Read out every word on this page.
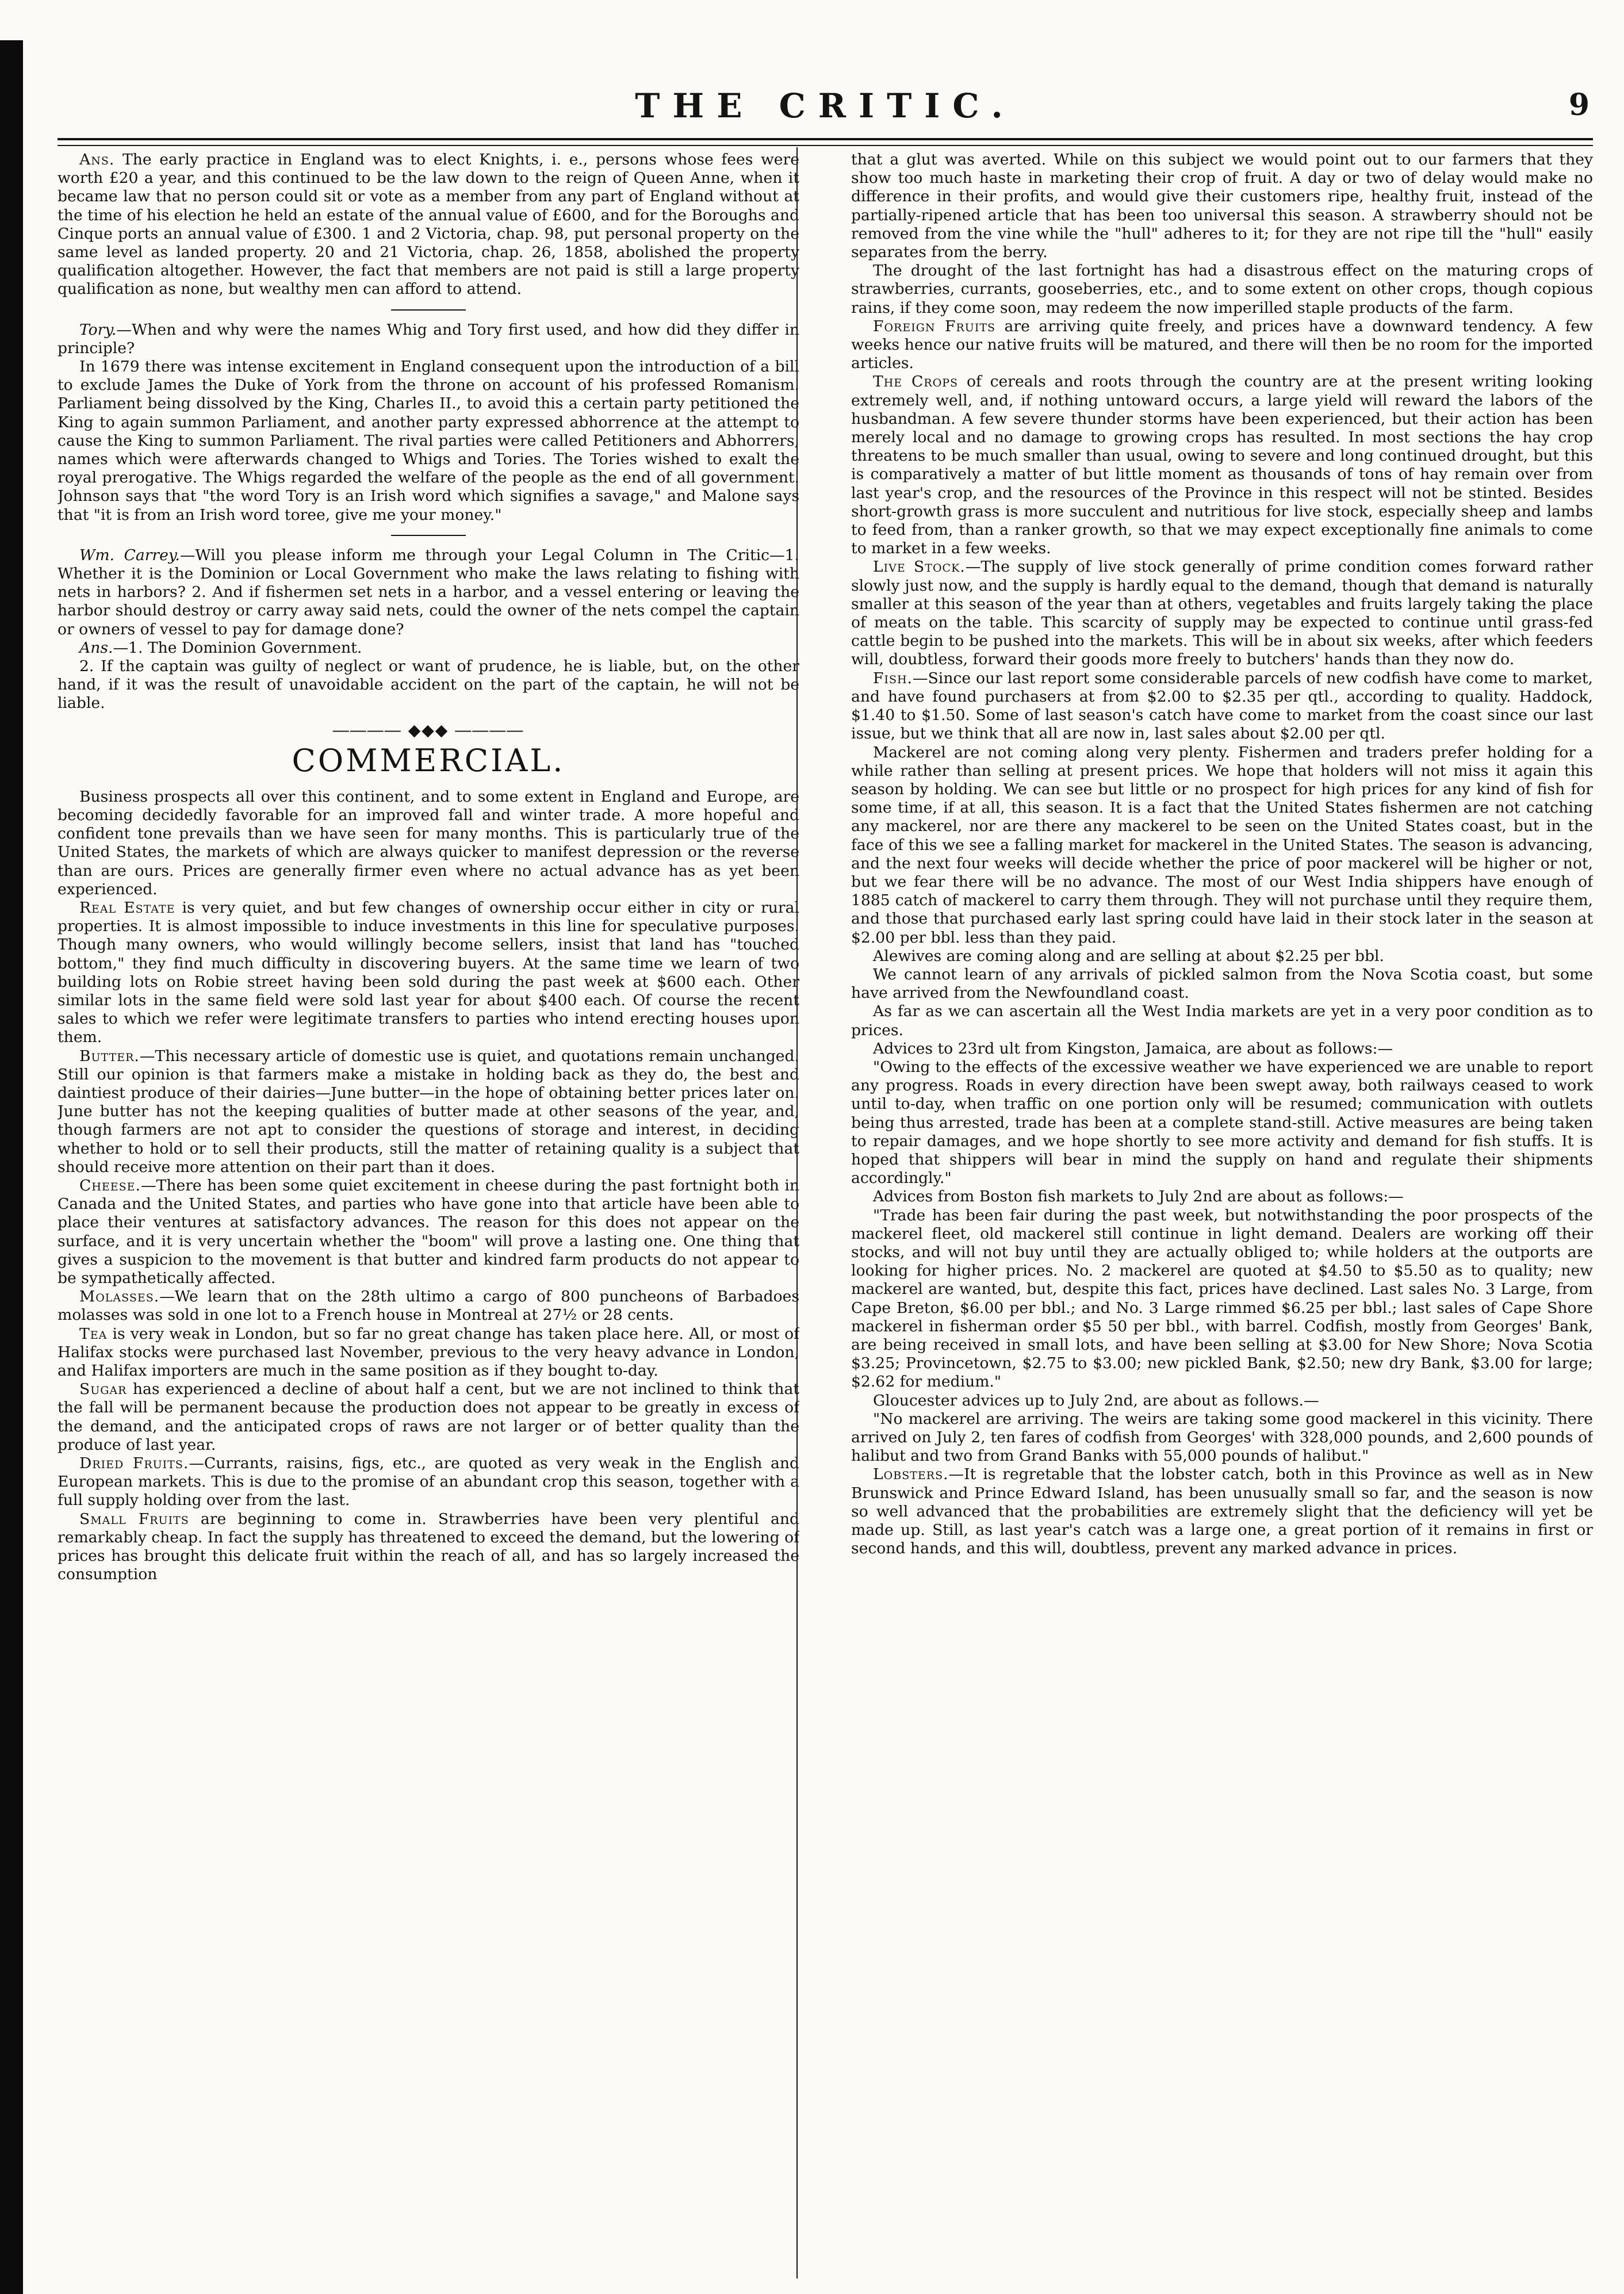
THE CRITIC.	9

Ans. The early practice in England was to elect Knights, i. e., persons whose fees were worth £20 a year, and this continued to be the law down to the reign of Queen Anne, when it became law that no person could sit or vote as a member from any part of England without at the time of his election he held an estate of the annual value of £600, and for the Boroughs and Cinque ports an annual value of £300. 1 and 2 Victoria, chap. 98, put personal property on the same level as landed property. 20 and 21 Victoria, chap. 26, 1858, abolished the property qualification altogether. However, the fact that members are not paid is still a large property qualification as none, but wealthy men can afford to attend.

Tory.—When and why were the names Whig and Tory first used, and how did they differ in principle?

In 1679 there was intense excitement in England consequent upon the introduction of a bill to exclude James the Duke of York from the throne on account of his professed Romanism. Parliament being dissolved by the King, Charles II., to avoid this a certain party petitioned the King to again summon Parliament, and another party expressed abhorrence at the attempt to cause the King to summon Parliament. The rival parties were called Petitioners and Abhorrers, names which were afterwards changed to Whigs and Tories. The Tories wished to exalt the royal prerogative. The Whigs regarded the welfare of the people as the end of all government. Johnson says that "the word Tory is an Irish word which signifies a savage," and Malone says that "it is from an Irish word toree, give me your money."

Wm. Carrey.—Will you please inform me through your Legal Column in The Critic—1. Whether it is the Dominion or Local Government who make the laws relating to fishing with nets in harbors? 2. And if fishermen set nets in a harbor, and a vessel entering or leaving the harbor should destroy or carry away said nets, could the owner of the nets compel the captain or owners of vessel to pay for damage done?

Ans.—1. The Dominion Government.

2. If the captain was guilty of neglect or want of prudence, he is liable, but, on the other hand, if it was the result of unavoidable accident on the part of the captain, he will not be liable.

―――― ◆◆◆ ――――
COMMERCIAL.

Business prospects all over this continent, and to some extent in England and Europe, are becoming decidedly favorable for an improved fall and winter trade. A more hopeful and confident tone prevails than we have seen for many months. This is particularly true of the United States, the markets of which are always quicker to manifest depression or the reverse than are ours. Prices are generally firmer even where no actual advance has as yet been experienced.

Real Estate is very quiet, and but few changes of ownership occur either in city or rural properties. It is almost impossible to induce investments in this line for speculative purposes. Though many owners, who would willingly become sellers, insist that land has "touched bottom," they find much difficulty in discovering buyers. At the same time we learn of two building lots on Robie street having been sold during the past week at $600 each. Other similar lots in the same field were sold last year for about $400 each. Of course the recent sales to which we refer were legitimate transfers to parties who intend erecting houses upon them.

Butter.—This necessary article of domestic use is quiet, and quotations remain unchanged. Still our opinion is that farmers make a mistake in holding back as they do, the best and daintiest produce of their dairies—June butter—in the hope of obtaining better prices later on. June butter has not the keeping qualities of butter made at other seasons of the year, and, though farmers are not apt to consider the questions of storage and interest, in deciding whether to hold or to sell their products, still the matter of retaining quality is a subject that should receive more attention on their part than it does.

Cheese.—There has been some quiet excitement in cheese during the past fortnight both in Canada and the United States, and parties who have gone into that article have been able to place their ventures at satisfactory advances. The reason for this does not appear on the surface, and it is very uncertain whether the "boom" will prove a lasting one. One thing that gives a suspicion to the movement is that butter and kindred farm products do not appear to be sympathetically affected.

Molasses.—We learn that on the 28th ultimo a cargo of 800 puncheons of Barbadoes molasses was sold in one lot to a French house in Montreal at 27½ or 28 cents.

Tea is very weak in London, but so far no great change has taken place here. All, or most of Halifax stocks were purchased last November, previous to the very heavy advance in London, and Halifax importers are much in the same position as if they bought to-day.

Sugar has experienced a decline of about half a cent, but we are not inclined to think that the fall will be permanent because the production does not appear to be greatly in excess of the demand, and the anticipated crops of raws are not larger or of better quality than the produce of last year.

Dried Fruits.—Currants, raisins, figs, etc., are quoted as very weak in the English and European markets. This is due to the promise of an abundant crop this season, together with a full supply holding over from the last.

Small Fruits are beginning to come in. Strawberries have been very plentiful and remarkably cheap. In fact the supply has threatened to exceed the demand, but the lowering of prices has brought this delicate fruit within the reach of all, and has so largely increased the consumption

that a glut was averted. While on this subject we would point out to our farmers that they show too much haste in marketing their crop of fruit. A day or two of delay would make no difference in their profits, and would give their customers ripe, healthy fruit, instead of the partially-ripened article that has been too universal this season. A strawberry should not be removed from the vine while the "hull" adheres to it; for they are not ripe till the "hull" easily separates from the berry.

The drought of the last fortnight has had a disastrous effect on the maturing crops of strawberries, currants, gooseberries, etc., and to some extent on other crops, though copious rains, if they come soon, may redeem the now imperilled staple products of the farm.

Foreign Fruits are arriving quite freely, and prices have a downward tendency. A few weeks hence our native fruits will be matured, and there will then be no room for the imported articles.

The Crops of cereals and roots through the country are at the present writing looking extremely well, and, if nothing untoward occurs, a large yield will reward the labors of the husbandman. A few severe thunder storms have been experienced, but their action has been merely local and no damage to growing crops has resulted. In most sections the hay crop threatens to be much smaller than usual, owing to severe and long continued drought, but this is comparatively a matter of but little moment as thousands of tons of hay remain over from last year's crop, and the resources of the Province in this respect will not be stinted. Besides short-growth grass is more succulent and nutritious for live stock, especially sheep and lambs to feed from, than a ranker growth, so that we may expect exceptionally fine animals to come to market in a few weeks.

Live Stock.—The supply of live stock generally of prime condition comes forward rather slowly just now, and the supply is hardly equal to the demand, though that demand is naturally smaller at this season of the year than at others, vegetables and fruits largely taking the place of meats on the table. This scarcity of supply may be expected to continue until grass-fed cattle begin to be pushed into the markets. This will be in about six weeks, after which feeders will, doubtless, forward their goods more freely to butchers' hands than they now do.

Fish.—Since our last report some considerable parcels of new codfish have come to market, and have found purchasers at from $2.00 to $2.35 per qtl., according to quality. Haddock, $1.40 to $1.50. Some of last season's catch have come to market from the coast since our last issue, but we think that all are now in, last sales about $2.00 per qtl.

Mackerel are not coming along very plenty. Fishermen and traders prefer holding for a while rather than selling at present prices. We hope that holders will not miss it again this season by holding. We can see but little or no prospect for high prices for any kind of fish for some time, if at all, this season. It is a fact that the United States fishermen are not catching any mackerel, nor are there any mackerel to be seen on the United States coast, but in the face of this we see a falling market for mackerel in the United States. The season is advancing, and the next four weeks will decide whether the price of poor mackerel will be higher or not, but we fear there will be no advance. The most of our West India shippers have enough of 1885 catch of mackerel to carry them through. They will not purchase until they require them, and those that purchased early last spring could have laid in their stock later in the season at $2.00 per bbl. less than they paid.

Alewives are coming along and are selling at about $2.25 per bbl.

We cannot learn of any arrivals of pickled salmon from the Nova Scotia coast, but some have arrived from the Newfoundland coast.

As far as we can ascertain all the West India markets are yet in a very poor condition as to prices.

Advices to 23rd ult from Kingston, Jamaica, are about as follows:—

"Owing to the effects of the excessive weather we have experienced we are unable to report any progress. Roads in every direction have been swept away, both railways ceased to work until to-day, when traffic on one portion only will be resumed; communication with outlets being thus arrested, trade has been at a complete stand-still. Active measures are being taken to repair damages, and we hope shortly to see more activity and demand for fish stuffs. It is hoped that shippers will bear in mind the supply on hand and regulate their shipments accordingly."

Advices from Boston fish markets to July 2nd are about as follows:—

"Trade has been fair during the past week, but notwithstanding the poor prospects of the mackerel fleet, old mackerel still continue in light demand. Dealers are working off their stocks, and will not buy until they are actually obliged to; while holders at the outports are looking for higher prices. No. 2 mackerel are quoted at $4.50 to $5.50 as to quality; new mackerel are wanted, but, despite this fact, prices have declined. Last sales No. 3 Large, from Cape Breton, $6.00 per bbl.; and No. 3 Large rimmed $6.25 per bbl.; last sales of Cape Shore mackerel in fisherman order $5 50 per bbl., with barrel. Codfish, mostly from Georges' Bank, are being received in small lots, and have been selling at $3.00 for New Shore; Nova Scotia $3.25; Provincetown, $2.75 to $3.00; new pickled Bank, $2.50; new dry Bank, $3.00 for large; $2.62 for medium."

Gloucester advices up to July 2nd, are about as follows.—

"No mackerel are arriving. The weirs are taking some good mackerel in this vicinity. There arrived on July 2, ten fares of codfish from Georges' with 328,000 pounds, and 2,600 pounds of halibut and two from Grand Banks with 55,000 pounds of halibut."

Lobsters.—It is regretable that the lobster catch, both in this Province as well as in New Brunswick and Prince Edward Island, has been unusually small so far, and the season is now so well advanced that the probabilities are extremely slight that the deficiency will yet be made up. Still, as last year's catch was a large one, a great portion of it remains in first or second hands, and this will, doubtless, prevent any marked advance in prices.
